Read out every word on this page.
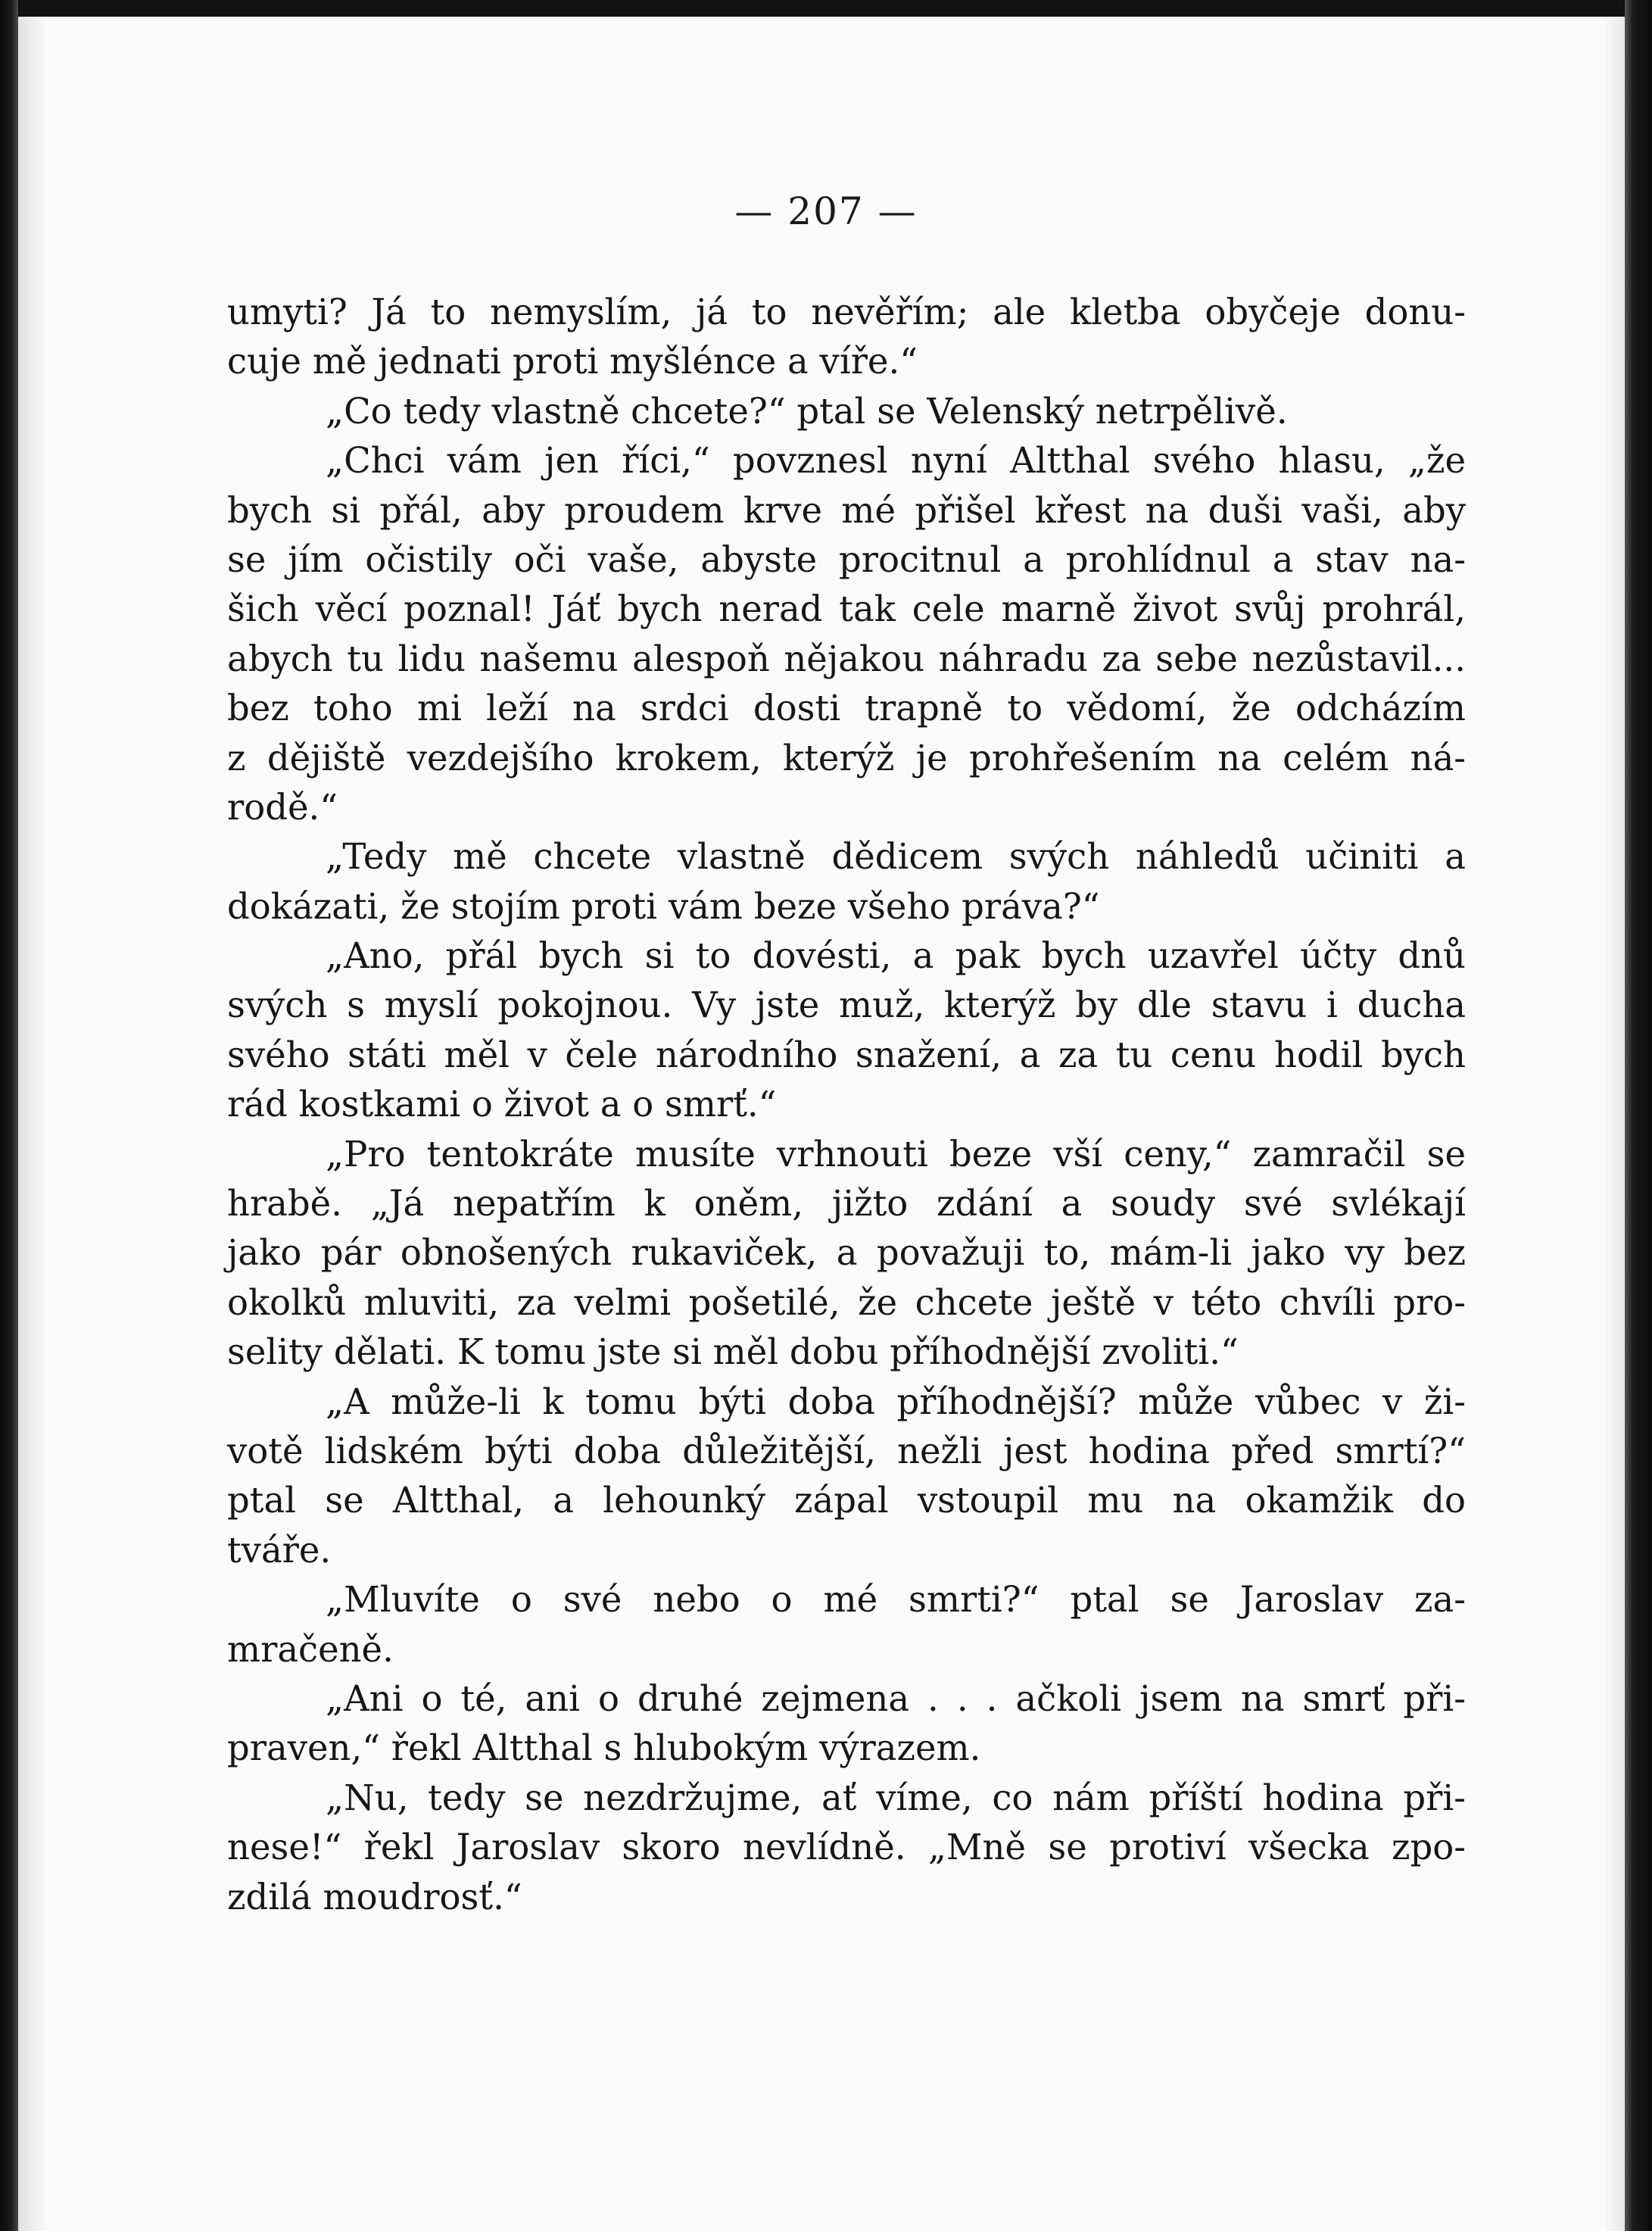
— 207 —
umyti? Já to nemyslím, já to nevěřím; ale kletba obyčeje donu-
cuje mě jednati proti myšlénce a víře.“
„Co tedy vlastně chcete?“ ptal se Velenský netrpělivě.
„Chci vám jen říci,“ povznesl nyní Altthal svého hlasu, „že
bych si přál, aby proudem krve mé přišel křest na duši vaši, aby
se jím očistily oči vaše, abyste procitnul a prohlídnul a stav na-
šich věcí poznal! Jáť bych nerad tak cele marně život svůj prohrál,
abych tu lidu našemu alespoň nějakou náhradu za sebe nezůstavil...
bez toho mi leží na srdci dosti trapně to vědomí, že odcházím
z dějiště vezdejšího krokem, kterýž je prohřešením na celém ná-
rodě.“
„Tedy mě chcete vlastně dědicem svých náhledů učiniti a
dokázati, že stojím proti vám beze všeho práva?“
„Ano, přál bych si to dovésti, a pak bych uzavřel účty dnů
svých s myslí pokojnou. Vy jste muž, kterýž by dle stavu i ducha
svého státi měl v čele národního snažení, a za tu cenu hodil bych
rád kostkami o život a o smrť.“
„Pro tentokráte musíte vrhnouti beze vší ceny,“ zamračil se
hrabě. „Já nepatřím k oněm, jižto zdání a soudy své svlékají
jako pár obnošených rukaviček, a považuji to, mám-li jako vy bez
okolků mluviti, za velmi pošetilé, že chcete ještě v této chvíli pro-
selity dělati. K tomu jste si měl dobu příhodnější zvoliti.“
„A může-li k tomu býti doba příhodnější? může vůbec v ži-
votě lidském býti doba důležitější, nežli jest hodina před smrtí?“
ptal se Altthal, a lehounký zápal vstoupil mu na okamžik do
tváře.
„Mluvíte o své nebo o mé smrti?“ ptal se Jaroslav za-
mračeně.
„Ani o té, ani o druhé zejmena . . . ačkoli jsem na smrť při-
praven,“ řekl Altthal s hlubokým výrazem.
„Nu, tedy se nezdržujme, ať víme, co nám příští hodina při-
nese!“ řekl Jaroslav skoro nevlídně. „Mně se protiví všecka zpo-
zdilá moudrosť.“
